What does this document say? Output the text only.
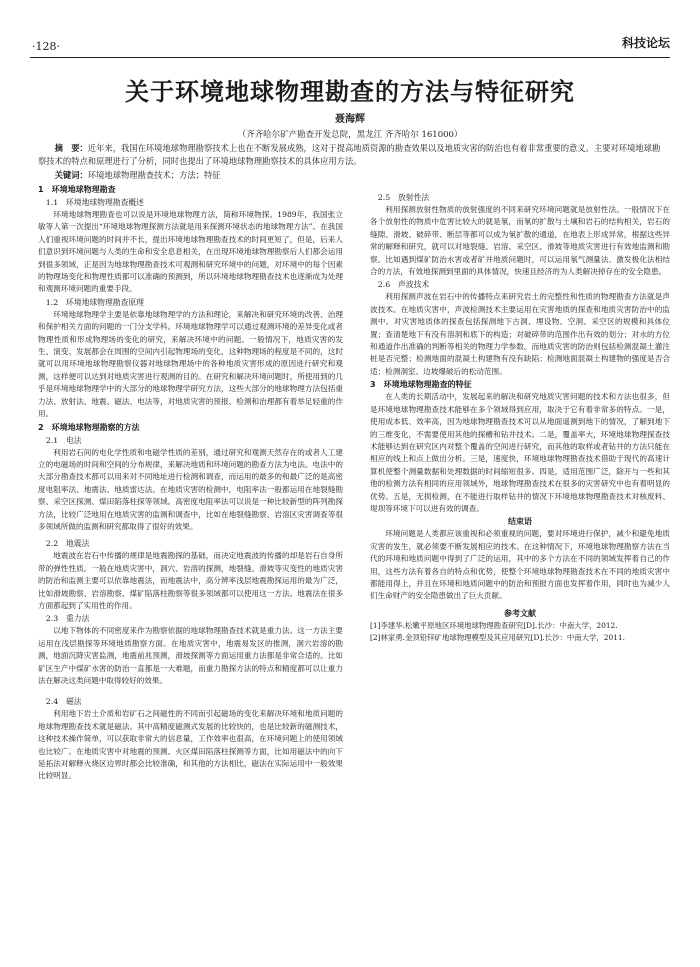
·128·	科技论坛
关于环境地球物理勘查的方法与特征研究
聂海辉
（齐齐哈尔矿产勘查开发总院，黑龙江 齐齐哈尔 161000）
摘　要：近年来，我国在环境地球物理勘察技术上也在不断发展成熟，这对于提高地质资源的勘查效果以及地质灾害的防治也有着非常重要的意义。主要对环境地球勘察技术的特点和原理进行了分析，同时也提出了环境地球物理勘察技术的具体应用方法。
关键词：环境地球物理勘查技术；方法；特征
1　环境地球物理勘查
1.1　环境地球物理勘查概述

环境地球物理勘查也可以说是环境地球物理方法，简称环境物探。1989年，我国张立敏等人第一次提出“环境地球物理探测方法就是用来探测环境状态的地球物理方法”。在我国人们重视环境问题的时间并不长，提出环境地球物理勘查技术的时间更短了，但是，后来人们意识到环境问题与人类的生命和安全息息相关，在出现环境地球物理勘察后人们都会运用到很多领域，正是因为地球物理勘查技术可观测和研究环境中的问题，对环境中的每个因素的物理场变化和物理性质都可以准确的预测到，所以环境地球物理勘查技术也逐渐成为处理和观测环境问题的重要手段。

1.2　环境地球物理勘查原理

环境地球物理学主要是依靠地球物理学的方法和理论，来解决和研究环境的改善、治理和保护相关方面的问题的一门分支学科。环境地球物理学可以通过观测环境的差异变化或者物理性质和形成物理场的变化的研究，来解决环境中的问题。一般情况下，地质灾害的发生、演变、发展都会在周围的空间内引起物理场的变化，这种物理场的程度是不同的，这时就可以用环境地球物理勘察仪器对地球物理场中的各种地质灾害形成的原因进行研究和观测，这样便可以达到对地质灾害进行观测的目的。在研究和解决环境问题时，所使用到的几乎是环境地球物理学中的大部分的地球物理学研究方法，这些大部分的地球物理方法包括重力法、放射法、地震、磁法、电法等，对地质灾害的预报、检测和治理都有着举足轻重的作用。

2　环境地球物理勘察的方法
2.1　电法

利用岩石间的电化学性质和电磁学性质的差别，通过研究和观测天然存在的或者人工建立的电磁场的时间和空间的分布规律，来解决地质和环境问题的勘查方法为电法。电法中的大部分勘查技术都可以用来对不同地址进行检测和调查，而运用的最多的和最广泛的是高密度电阻率法、地震法、地质雷达法。在地质灾害的检测中，电阻率法一般都运用在地裂缝勘察、采空区探测、煤田陷落柱探等领域。高密度电阻率法可以说是一种比较新型的阵列勘探方法，比较广泛地用在地质灾害的监测和调查中，比如在地裂缝勘察、岩溶区灾害调查等很多领域所做的监测和研究都取得了很好的效果。

2.2　地震法

地震波在岩石中传播的规律是地震勘探的基础，而决定地震波的传播的却是岩石自身所带的弹性性质。一般在地质灾害中，洞穴、岩溶的探测，地裂缝、滑坡等灾变性的地质灾害的防治和监测主要可以依靠地震法，而地震法中，高分辨率浅层地震勘探运用的最为广泛，比如滑坡勘察、岩溶勘察、煤矿陷落柱勘察等很多领域都可以使用这一方法。地震法在很多方面都起到了实用性的作用。

2.3　重力法

以地下物体的不同密度来作为勘察依据的地球物理勘查技术就是重力法。这一方法主要运用在浅层勘探等环境地质勘察方面。在地质灾害中，地震易发区的推测，洞穴岩溶的勘测，地面沉降灾害监测，地震前兆预测，滑坡探测等方面运用重力法都是非常合适的。比如矿区生产中煤矿水害的防治一直都是一大难题，而重力勘探方法的特点和精度都可以让重力法在解决这类问题中取得较好的效果。

2.4　磁法

利用地下岩土介质和岩矿石之间磁性的不同而引起磁场的变化来解决环境和地质问题的地球物理勘查技术就是磁法。其中高精度磁测式发展的比较快的，也是比较新的磁测技术，这种技术操作简单，可以获取非常大的信息量，工作效率也很高，在环境问题上的使用领域也比较广。在地质灾害中对地震的预测、火区煤田陷落柱探测等方面，比如用磁法中的向下延拓法对解释火烧区边界时都会比较准确，和其他的方法相比，磁法在实际运用中一般效果比较明显。

2.5　放射性法

利用探测放射性物质的放射强度的不同来研究环境问题就是放射性法。一般情况下在各个放射性的物质中危害比较大的就是氡，而氡的扩散与土壤和岩石的结构相关，岩石的缝隙、滑坡、破碎带、断层等都可以成为氡扩散的通道，在地表上形成异常，根据这些异常的解释和研究，就可以对地裂缝、岩溶、采空区、滑坡等地质灾害进行有效地监测和勘察。比如遇到煤矿防治水害或者矿井地质问题时，可以运用氡气测量法、激发极化法相结合的方法，有效地探测到里面的具体情况，快速且经济的为人类解决掉存在的安全隐患。

2.6　声波技术

利用探测声波在岩石中的传播特点来研究岩土的完整性和性质的物理勘查方法就是声波技术。在地质灾害中，声波检测技术主要运用在灾害地质的探查和地质灾害防治中的监测中。对灾害地质体的探查包括探测地下古洞、埋设物、空洞、采空区的规模和具体位置；查清楚地下有没有溶洞和底下的构造；对破碎带的范围作出有效的划分；对水的方位和通道作出准确的判断等相关的物理力学参数。而地质灾害的防治则包括检测混凝土灌注桩是否完整；检测地面的混凝土构建物有没有缺陷；检测地面混凝土构建物的强度是否合适；检测洞室、边坡爆破后的松动范围。

3　环境地球物理勘查的特征

在人类的长期活动中，发展起来的解决和研究地质灾害问题的技术和方法也很多，但是环境地球物理勘查技术能够在多个领域得到应用，取决于它有着非常多的特点。一是，使用成本低、效率高，因为地球物理勘查技术可以从地面遥测到地下的情况，了解到地下的三维变化，不需要使用其他的探槽和钻井技术。二是，覆盖率大，环境地球物理探查技术能够达到在研究区内对整个覆盖的空间进行研究，而其他的取样或者钻井的方法只能在相应的线上和点上做出分析。三是，速度快，环境地球物理勘查技术借助于现代的高速计算机使整个测量数据和处理数据的时间缩短很多。四是，适用范围广泛，除开与一些和其他的检测方法有相同的应用领域外，地球物理勘查技术在很多的灾害研究中也有着明显的优势。五是，无损检测，在不能进行取样钻井的情况下环境地球物理勘查技术对核废料、堤坝等环境下可以进有效的调查。

结束语

环境问题是人类都应该重视和必须重视的问题，要对环境进行保护，减少和避免地质灾害的发生，就必须要不断发展相应的技术。在这种情况下，环境地球物理勘察方法在当代的环境和地质问题中得到了广泛的运用，其中的多个方法在不同的领域发挥着自己的作用，这些方法有着各自的特点和优势，使整个环境地球物理勘查技术在不同的地质灾害中都能用得上，并且在环境和地质问题中的防治和预报方面也发挥着作用，同时也为减少人们生命财产的安全隐患做出了巨大贡献。

参考文献
[1]李建华.松嫩平原地区环境地球物理勘查研究[D].长沙：中南大学，2012.
[2]林家勇.金顶铅锌矿地球物理模型及其应用研究[D].长沙：中南大学，2011.
